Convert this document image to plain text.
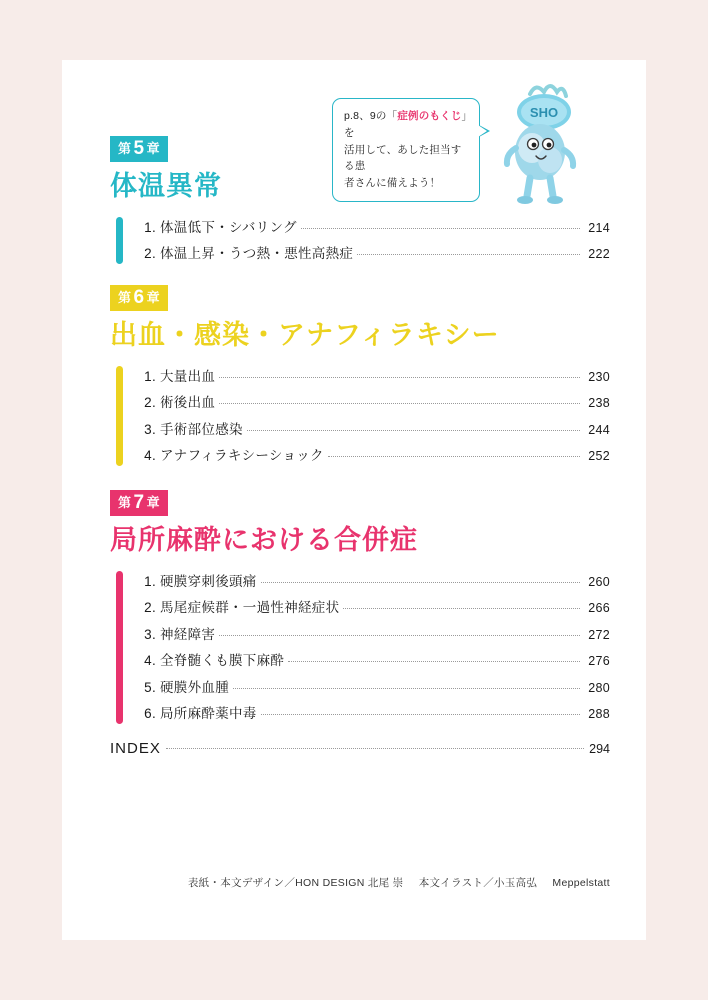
p.8、9の「症例のもくじ」を
活用して、あした担当する患
者さんに備えよう！
SHO
第 5 章
体温異常
1. 体温低下・シバリング	214
2. 体温上昇・うつ熱・悪性高熱症	222
第 6 章
出血・感染・アナフィラキシー
1. 大量出血	230
2. 術後出血	238
3. 手術部位感染	244
4. アナフィラキシーショック	252
第 7 章
局所麻酔における合併症
1. 硬膜穿刺後頭痛	260
2. 馬尾症候群・一過性神経症状	266
3. 神経障害	272
4. 全脊髄くも膜下麻酔	276
5. 硬膜外血腫	280
6. 局所麻酔薬中毒	288
INDEX	294
表紙・本文デザイン／HON DESIGN 北尾 崇 本文イラスト／小玉高弘 Meppelstatt
